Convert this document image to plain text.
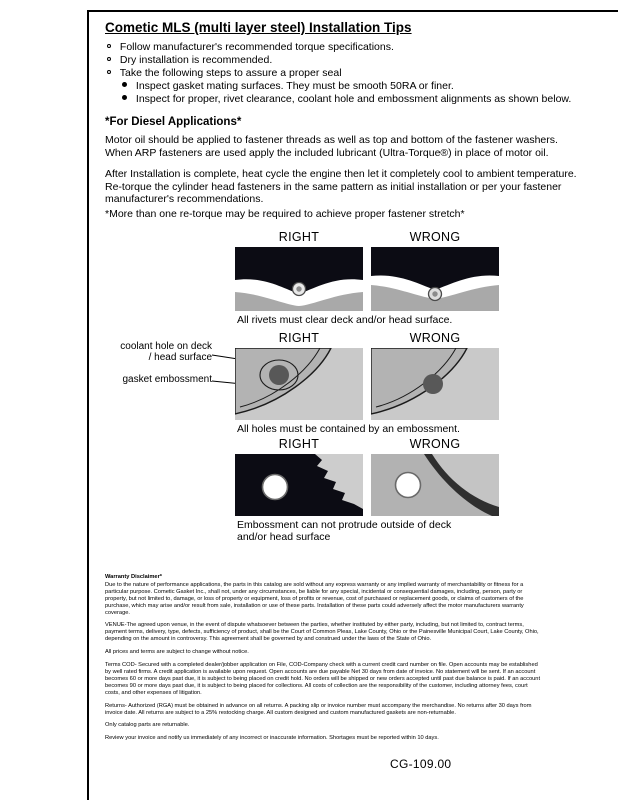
Cometic MLS (multi layer steel) Installation Tips
Follow manufacturer's recommended torque specifications.
Dry installation is recommended.
Take the following steps to assure a proper seal
Inspect gasket mating surfaces. They must be smooth 50RA or finer.
Inspect for proper, rivet clearance, coolant hole and embossment alignments as shown below.
*For Diesel Applications*

Motor oil should be applied to fastener threads as well as top and bottom of the fastener washers. When ARP fasteners are used apply the included lubricant (Ultra-Torque®) in place of motor oil.

After Installation is complete, heat cycle the engine then let it completely cool to ambient temperature. Re-torque the cylinder head fasteners in the same pattern as initial installation or per your fastener manufacturer's recommendations.

*More than one re-torque may be required to achieve proper fastener stretch*
RIGHT	WRONG
All rivets must clear deck and/or head surface.
RIGHT	WRONG
coolant hole on deck / head surface
gasket embossment
All holes must be contained by an embossment.
RIGHT	WRONG
Embossment can not protrude outside of deck and/or head surface
Warranty Disclaimer*

Due to the nature of performance applications, the parts in this catalog are sold without any express warranty or any implied warranty of merchantability or fitness for a particular purpose. Cometic Gasket Inc., shall not, under any circumstances, be liable for any special, incidental or consequential damages, including, person, party or property, but not limited to, damage, or loss of property or equipment, loss of profits or revenue, cost of purchased or replacement goods, or claims of customers of the purchase, which may arise and/or result from sale, installation or use of these parts. Installation of these parts could adversely affect the motor manufacturers warranty coverage.

VENUE-The agreed upon venue, in the event of dispute whatsoever between the parties, whether instituted by either party, including, but not limited to, contract terms, payment terms, delivery, type, defects, sufficiency of product, shall be the Court of Common Pleas, Lake County, Ohio or the Painesville Municipal Court, Lake County, Ohio, depending on the amount in controversy. This agreement shall be governed by and construed under the laws of the State of Ohio.

All prices and terms are subject to change without notice.

Terms COD- Secured with a completed dealer/jobber application on File, COD-Company check with a current credit card number on file. Open accounts may be established by well rated firms. A credit application is available upon request. Open accounts are due payable Net 30 days from date of invoice. No statement will be sent. If an account becomes 60 or more days past due, it is subject to being placed on credit hold. No orders will be shipped or new orders accepted until past due balance is paid. If an account becomes 90 or more days past due, it is subject to being placed for collections. All costs of collection are the responsibility of the customer, including attorney fees, court costs, and other expenses of litigation.

Returns- Authorized (RGA) must be obtained in advance on all returns. A packing slip or invoice number must accompany the merchandise. No returns after 30 days from invoice date. All returns are subject to a 25% restocking charge. All custom designed and custom manufactured gaskets are non-returnable.

Only catalog parts are returnable.

Review your invoice and notify us immediately of any incorrect or inaccurate information. Shortages must be reported within 10 days.

CG-109.00
